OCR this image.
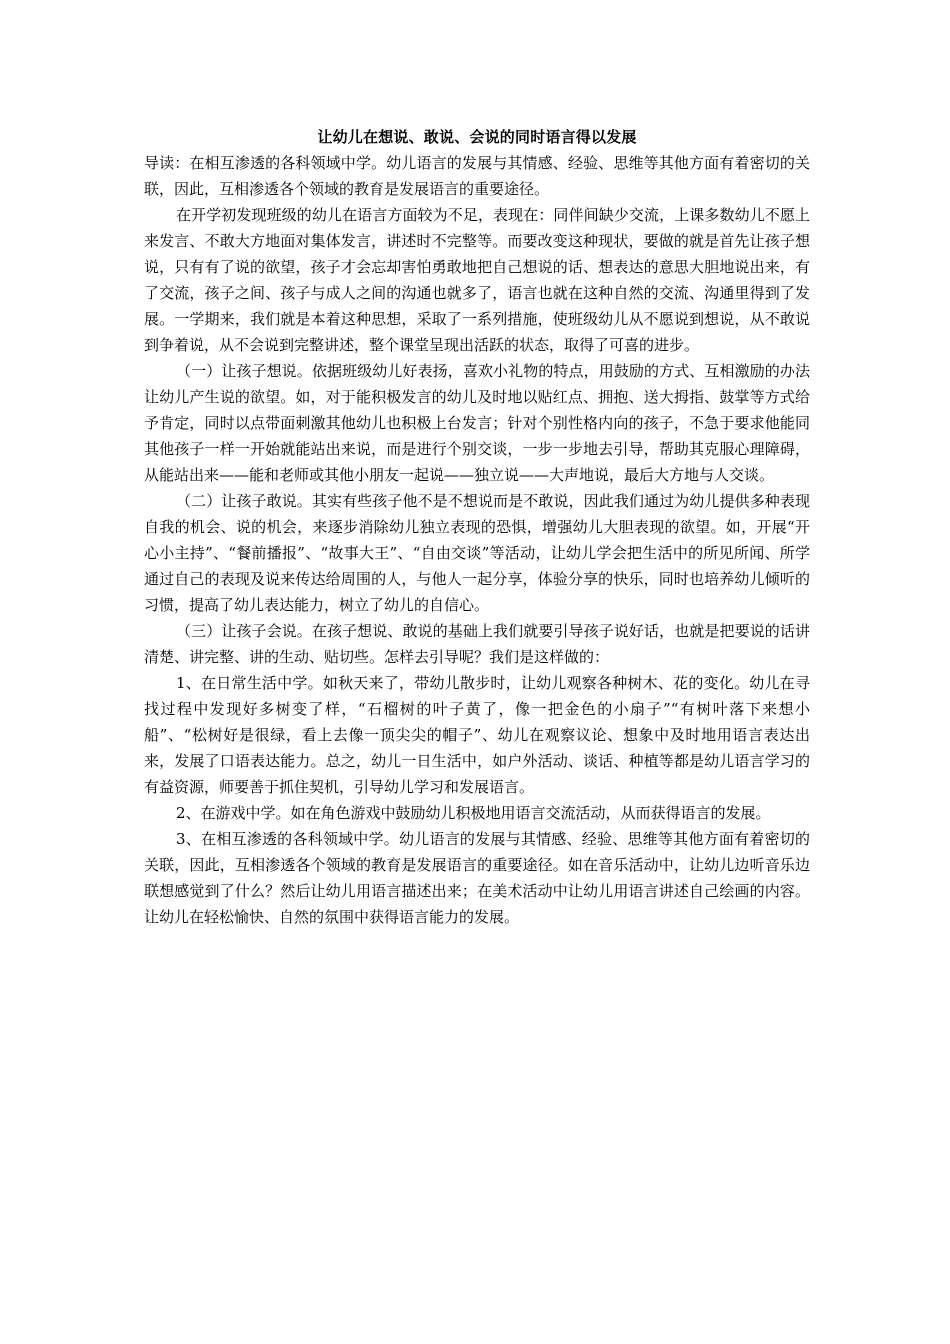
让幼儿在想说、敢说、会说的同时语言得以发展

导读：在相互渗透的各科领域中学。幼儿语言的发展与其情感、经验、思维等其他方面有着密切的关联，因此，互相渗透各个领域的教育是发展语言的重要途径。

在开学初发现班级的幼儿在语言方面较为不足，表现在：同伴间缺少交流，上课多数幼儿不愿上来发言、不敢大方地面对集体发言，讲述时不完整等。而要改变这种现状，要做的就是首先让孩子想说，只有有了说的欲望，孩子才会忘却害怕勇敢地把自己想说的话、想表达的意思大胆地说出来，有了交流，孩子之间、孩子与成人之间的沟通也就多了，语言也就在这种自然的交流、沟通里得到了发展。一学期来，我们就是本着这种思想，采取了一系列措施，使班级幼儿从不愿说到想说，从不敢说到争着说，从不会说到完整讲述，整个课堂呈现出活跃的状态，取得了可喜的进步。

（一）让孩子想说。依据班级幼儿好表扬，喜欢小礼物的特点，用鼓励的方式、互相激励的办法让幼儿产生说的欲望。如，对于能积极发言的幼儿及时地以贴红点、拥抱、送大拇指、鼓掌等方式给予肯定，同时以点带面刺激其他幼儿也积极上台发言；针对个别性格内向的孩子，不急于要求他能同其他孩子一样一开始就能站出来说，而是进行个别交谈，一步一步地去引导，帮助其克服心理障碍，从能站出来——能和老师或其他小朋友一起说——独立说——大声地说，最后大方地与人交谈。

（二）让孩子敢说。其实有些孩子他不是不想说而是不敢说，因此我们通过为幼儿提供多种表现自我的机会、说的机会，来逐步消除幼儿独立表现的恐惧，增强幼儿大胆表现的欲望。如，开展“开心小主持”、“餐前播报”、“故事大王”、“自由交谈”等活动，让幼儿学会把生活中的所见所闻、所学通过自己的表现及说来传达给周围的人，与他人一起分享，体验分享的快乐，同时也培养幼儿倾听的习惯，提高了幼儿表达能力，树立了幼儿的自信心。

（三）让孩子会说。在孩子想说、敢说的基础上我们就要引导孩子说好话，也就是把要说的话讲清楚、讲完整、讲的生动、贴切些。怎样去引导呢？我们是这样做的：

1、在日常生活中学。如秋天来了，带幼儿散步时，让幼儿观察各种树木、花的变化。幼儿在寻找过程中发现好多树变了样，“石榴树的叶子黄了，像一把金色的小扇子”“有树叶落下来想小船”、“松树好是很绿，看上去像一顶尖尖的帽子”、幼儿在观察议论、想象中及时地用语言表达出来，发展了口语表达能力。总之，幼儿一日生活中，如户外活动、谈话、种植等都是幼儿语言学习的有益资源，师要善于抓住契机，引导幼儿学习和发展语言。

2、在游戏中学。如在角色游戏中鼓励幼儿积极地用语言交流活动，从而获得语言的发展。

3、在相互渗透的各科领域中学。幼儿语言的发展与其情感、经验、思维等其他方面有着密切的关联，因此，互相渗透各个领域的教育是发展语言的重要途径。如在音乐活动中，让幼儿边听音乐边联想感觉到了什么？然后让幼儿用语言描述出来；在美术活动中让幼儿用语言讲述自己绘画的内容。让幼儿在轻松愉快、自然的氛围中获得语言能力的发展。
